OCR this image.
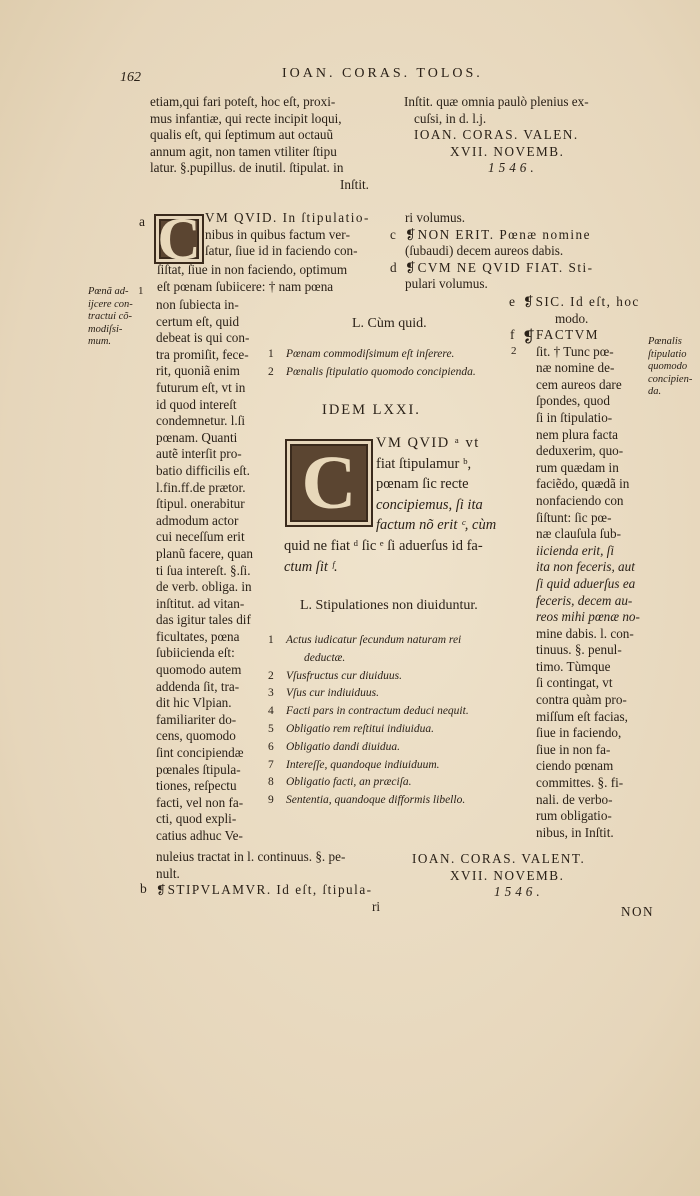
162	IOAN. CORAS. TOLOS.
etiam,qui fari poteſt, hoc eſt, proxi‑
mus infantiæ, qui recte incipit loqui,
qualis eſt, qui ſeptimum aut octauũ
annum agit, non tamen vtiliter ſtipu
latur. §.pupillus. de inutil. ſtipulat. in
Inſtit.
Inſtit. quæ omnia paulò plenius ex‑
cuſsi, in d. l.j.
IOAN. CORAS. VALEN.
XVII. NOVEMB.
1546.
a C VM QVID. In ſtipulatio‑
nibus in quibus factum ver‑
ſatur, ſiue id in faciendo con‑
ſiſtat, ſiue in non faciendo, optimum
eſt pœnam ſubiicere: † nam pœna
Pœnã ad‑
ijcere con‑
tractui cõ‑
modiſsi‑
mum.
1
non ſubiecta in‑
certum eſt, quid
debeat is qui con‑
tra promiſit, fece‑
rit, quoniã enim
futurum eſt, vt in
id quod intereſt
condemnetur. l.ſi
pœnam. Quanti
autẽ interſit pro‑
batio difficilis eſt.
l.fin.ff.de prætor.
ſtipul. onerabitur
admodum actor
cui neceſſum erit
planũ facere, quan
ti ſua intereſt. §.ſi.
de verb. obliga. in
inſtitut. ad vitan‑
das igitur tales dif
ficultates, pœna
ſubiicienda eſt:
quomodo autem
addenda ſit, tra‑
dit hic Vlpian.
familiariter do‑
cens, quomodo
ſint concipiendæ
pœnales ſtipula‑
tiones, reſpectu
facti, vel non fa‑
cti, quod expli‑
catius adhuc Ve‑
nuleius tractat in l. continuus. §. pe‑
nult.
b ❡STIPVLAMVR. Id eſt, ſtipula‑
ri
ri volumus.
c ❡NON ERIT. Pœnæ nomine
(ſubaudi) decem aureos dabis.
d ❡CVM NE QVID FIAT. Sti‑
pulari volumus.
L. Cùm quid.
1 Pœnam commodiſsimum eſt inſerere.
2 Pœnalis ſtipulatio quomodo concipienda.
IDEM LXXI.
C VM QVID ᵃ vt
fiat ſtipulamur ᵇ,
pœnam ſic recte
concipiemus, ſi ita
factum nõ erit ᶜ, cùm
quid ne fiat ᵈ ſic ᵉ ſi aduerſus id fa‑
ctum ſit ᶠ.
L. Stipulationes non diuiduntur.
1 Actus iudicatur ſecundum naturam rei
deductæ.
2 Vſusfructus cur diuiduus.
3 Vſus cur indiuiduus.
4 Facti pars in contractum deduci nequit.
5 Obligatio rem reſtitui indiuidua.
6 Obligatio dandi diuidua.
7 Intereſſe, quandoque indiuiduum.
8 Obligatio facti, an præciſa.
9 Sententia, quandoque difformis libello.
e ❡SIC. Id eſt, hoc
modo.
f
2
❡ FACTVM
ſit. † Tunc pœ‑
næ nomine de‑
cem aureos dare
ſpondes, quod
ſi in ſtipulatio‑
nem plura facta
deduxerim, quo‑
rum quædam in
faciẽdo, quædã in
nonfaciendo con
ſiſtunt: ſic pœ‑
næ clauſula ſub‑
iicienda erit, ſi
ita non feceris, aut
ſi quid aduerſus ea
feceris, decem au‑
reos mihi pœnæ no‑
mine dabis. l. con‑
tinuus. §. penul‑
timo. Tùmque
ſi contingat, vt
contra quàm pro‑
miſſum eſt facias,
ſiue in faciendo,
ſiue in non fa‑
ciendo pœnam
committes. §. fi‑
nali. de verbo‑
rum obligatio‑
nibus, in Inſtit.
Pœnalis
ſtipulatio
quomodo
concipien‑
da.
IOAN. CORAS. VALENT.
XVII. NOVEMB.
1546.
NON
